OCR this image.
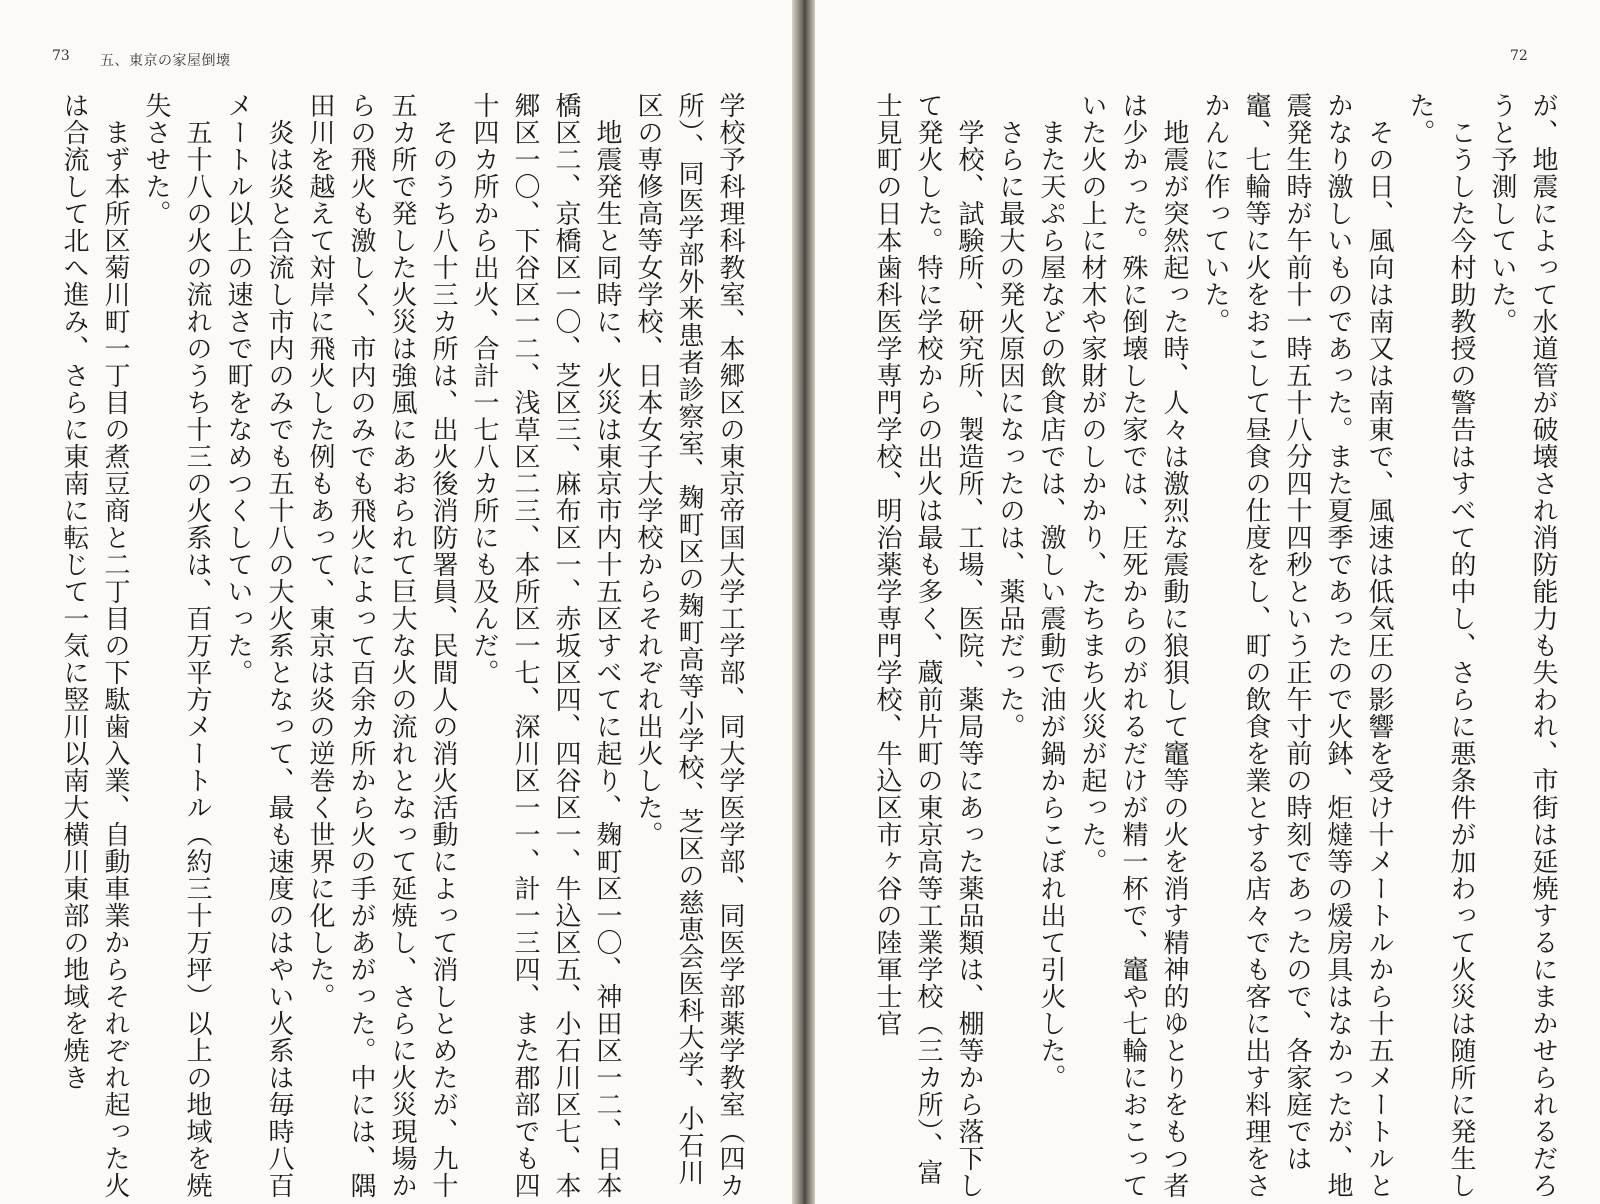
73 五、東京の家屋倒壊	72

学校予科理科教室、本郷区の東京帝国大学工学部、同大学医学部、同医学部薬学教室（四カ所）、同医学部外来患者診察室、麹町区の麹町高等小学校、芝区の慈恵会医科大学、小石川区の専修高等女学校、日本女子大学校からそれぞれ出火した。

　地震発生と同時に、火災は東京市内十五区すべてに起り、麹町区一〇、神田区一二、日本橋区二、京橋区一〇、芝区三、麻布区一、赤坂区四、四谷区一、牛込区五、小石川区七、本郷区一〇、下谷区一二、浅草区二三、本所区一七、深川区一一、計一三四、また郡部でも四十四カ所から出火、合計一七八カ所にも及んだ。

　そのうち八十三カ所は、出火後消防署員、民間人の消火活動によって消しとめたが、九十五カ所で発した火災は強風にあおられて巨大な火の流れとなって延焼し、さらに火災現場からの飛火も激しく、市内のみでも飛火によって百余カ所から火の手があがった。中には、隅田川を越えて対岸に飛火した例もあって、東京は炎の逆巻く世界に化した。

　炎は炎と合流し市内のみでも五十八の大火系となって、最も速度のはやい火系は毎時八百メートル以上の速さで町をなめつくしていった。

　五十八の火の流れのうち十三の火系は、百万平方メートル（約三十万坪）以上の地域を焼失させた。

　まず本所区菊川町一丁目の煮豆商と二丁目の下駄歯入業、自動車業からそれぞれ起った火は合流して北へ進み、さらに東南に転じて一気に竪川以南大横川東部の地域を焼き	が、地震によって水道管が破壊され消防能力も失われ、市街は延焼するにまかせられるだろうと予測していた。

　こうした今村助教授の警告はすべて的中し、さらに悪条件が加わって火災は随所に発生した。

　その日、風向は南又は南東で、風速は低気圧の影響を受け十メートルから十五メートルとかなり激しいものであった。また夏季であったので火鉢、炬燵等の煖房具はなかったが、地震発生時が午前十一時五十八分四十四秒という正午寸前の時刻であったので、各家庭では竈、七輪等に火をおこして昼食の仕度をし、町の飲食を業とする店々でも客に出す料理をさかんに作っていた。

　地震が突然起った時、人々は激烈な震動に狼狽して竈等の火を消す精神的ゆとりをもつ者は少かった。殊に倒壊した家では、圧死からのがれるだけが精一杯で、竈や七輪におこっていた火の上に材木や家財がのしかかり、たちまち火災が起った。

　また天ぷら屋などの飲食店では、激しい震動で油が鍋からこぼれ出て引火した。

　さらに最大の発火原因になったのは、薬品だった。

　学校、試験所、研究所、製造所、工場、医院、薬局等にあった薬品類は、棚等から落下して発火した。特に学校からの出火は最も多く、蔵前片町の東京高等工業学校（三カ所）、富士見町の日本歯科医学専門学校、明治薬学専門学校、牛込区市ヶ谷の陸軍士官
